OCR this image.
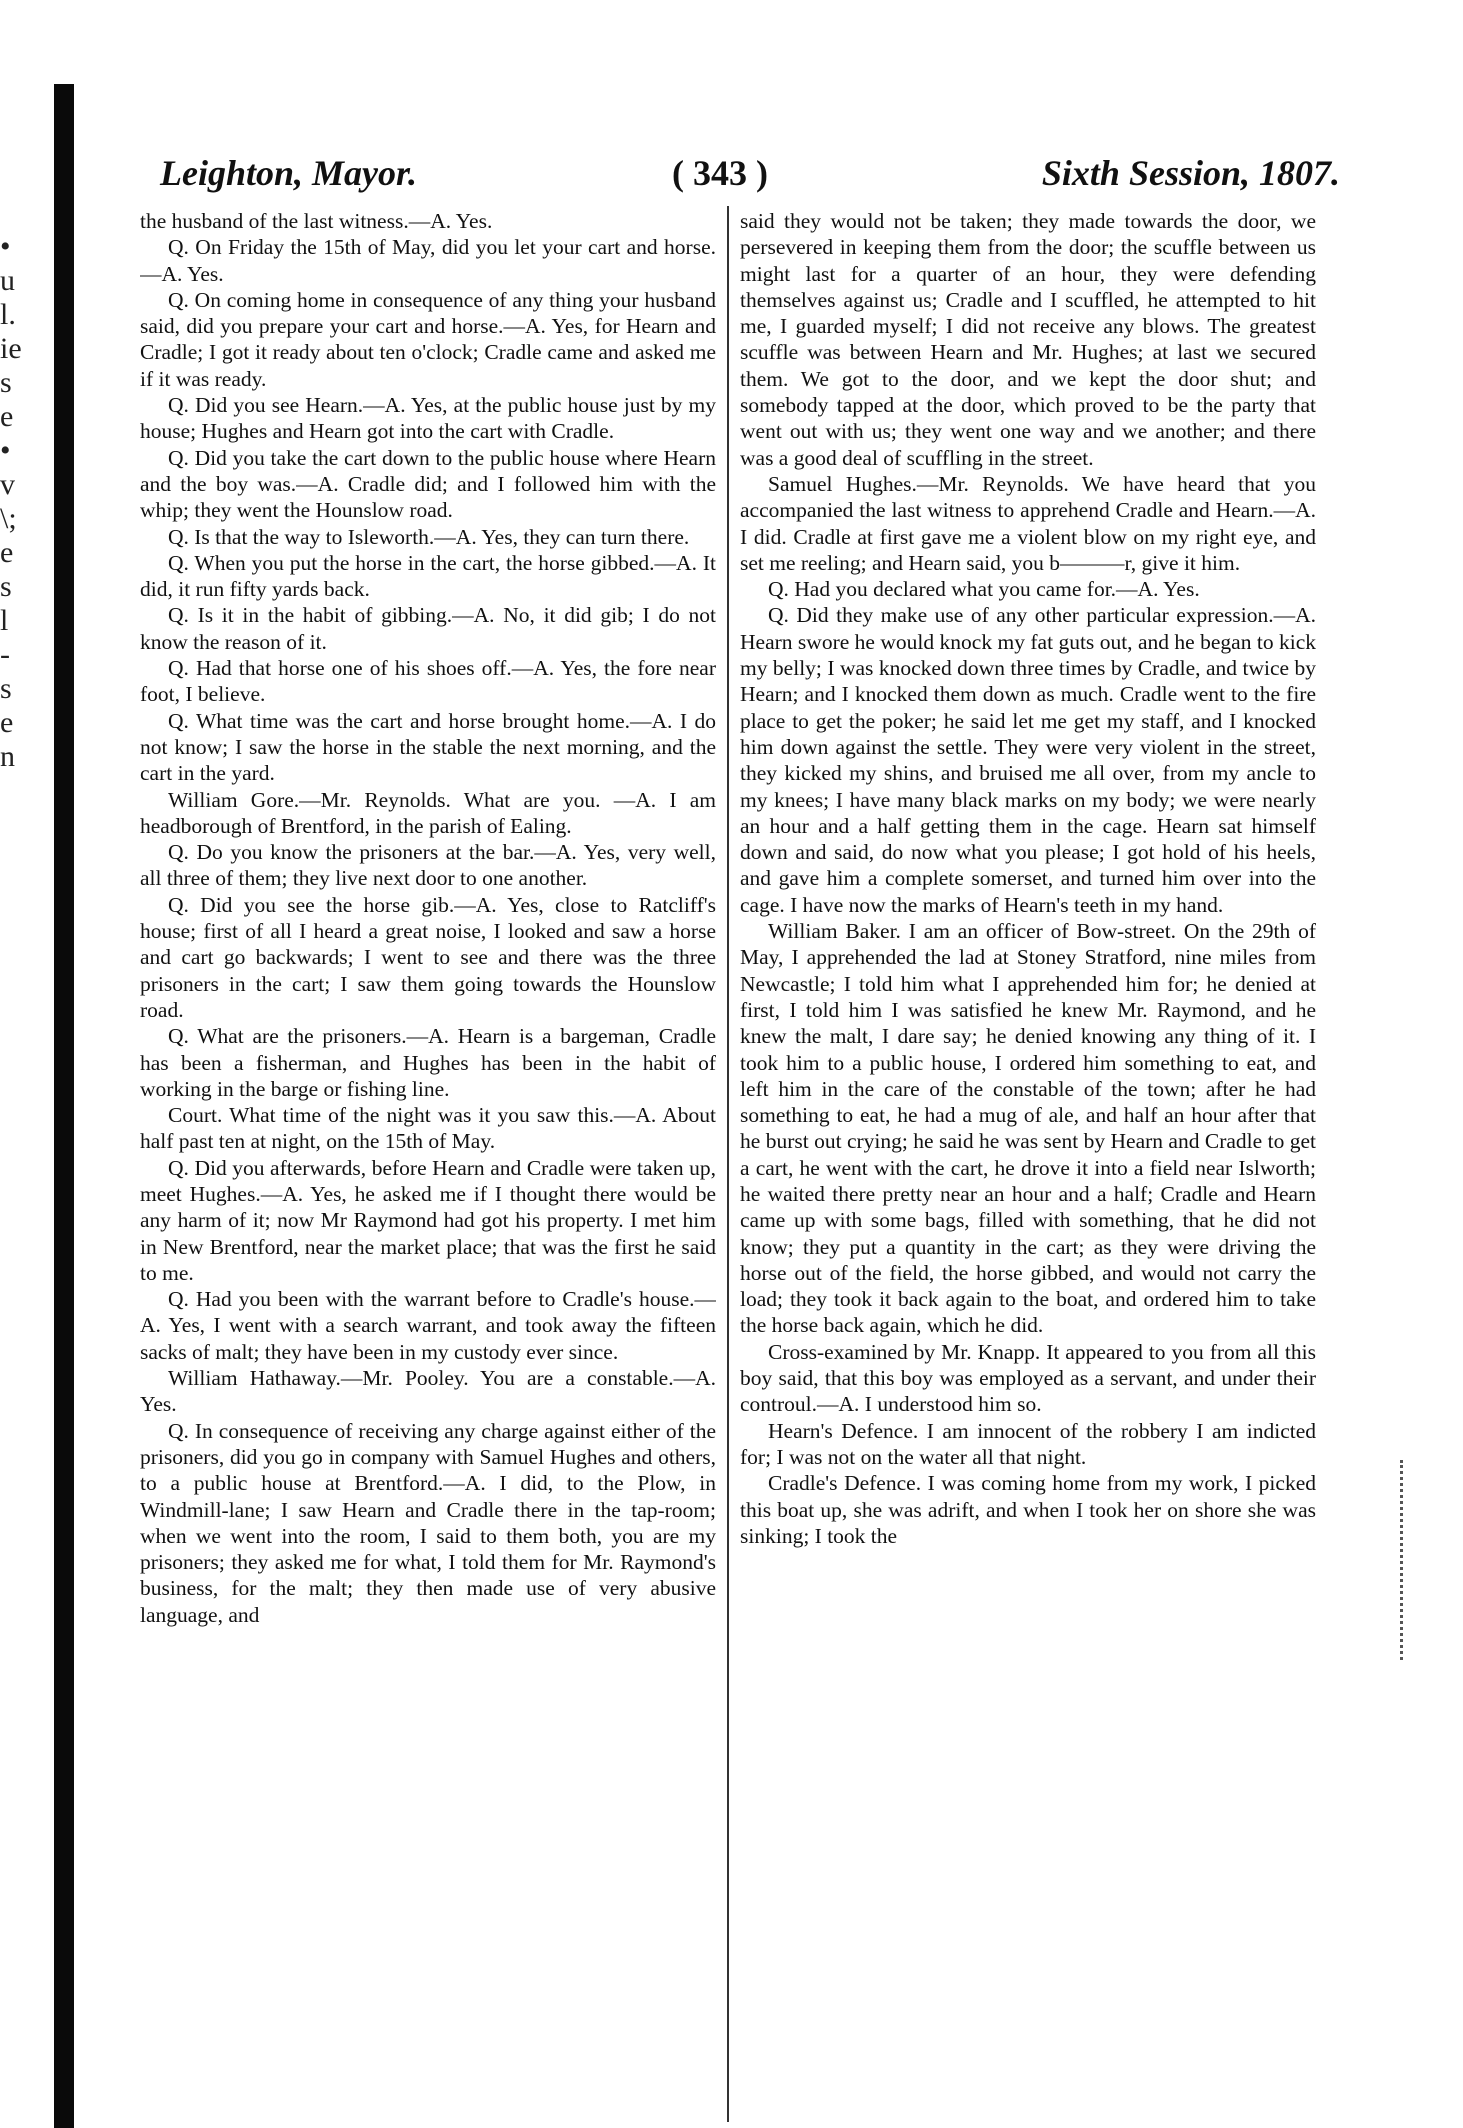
•
u
l.
ie
s
e
•
v
\;
e
s
l
-
s
e
n
Leighton, Mayor.	( 343 )	Sixth Session, 1807.

the husband of the last witness.—A. Yes.

Q. On Friday the 15th of May, did you let your cart and horse.—A. Yes.

Q. On coming home in consequence of any thing your husband said, did you prepare your cart and horse.—A. Yes, for Hearn and Cradle; I got it ready about ten o'clock; Cradle came and asked me if it was ready.

Q. Did you see Hearn.—A. Yes, at the public house just by my house; Hughes and Hearn got into the cart with Cradle.

Q. Did you take the cart down to the public house where Hearn and the boy was.—A. Cradle did; and I followed him with the whip; they went the Hounslow road.

Q. Is that the way to Isleworth.—A. Yes, they can turn there.

Q. When you put the horse in the cart, the horse gibbed.—A. It did, it run fifty yards back.

Q. Is it in the habit of gibbing.—A. No, it did gib; I do not know the reason of it.

Q. Had that horse one of his shoes off.—A. Yes, the fore near foot, I believe.

Q. What time was the cart and horse brought home.—A. I do not know; I saw the horse in the stable the next morning, and the cart in the yard.

William Gore.—Mr. Reynolds. What are you. —A. I am headborough of Brentford, in the parish of Ealing.

Q. Do you know the prisoners at the bar.—A. Yes, very well, all three of them; they live next door to one another.

Q. Did you see the horse gib.—A. Yes, close to Ratcliff's house; first of all I heard a great noise, I looked and saw a horse and cart go backwards; I went to see and there was the three prisoners in the cart; I saw them going towards the Hounslow road.

Q. What are the prisoners.—A. Hearn is a bargeman, Cradle has been a fisherman, and Hughes has been in the habit of working in the barge or fishing line.

Court. What time of the night was it you saw this.—A. About half past ten at night, on the 15th of May.

Q. Did you afterwards, before Hearn and Cradle were taken up, meet Hughes.—A. Yes, he asked me if I thought there would be any harm of it; now Mr Raymond had got his property. I met him in New Brentford, near the market place; that was the first he said to me.

Q. Had you been with the warrant before to Cradle's house.—A. Yes, I went with a search warrant, and took away the fifteen sacks of malt; they have been in my custody ever since.

William Hathaway.—Mr. Pooley. You are a constable.—A. Yes.

Q. In consequence of receiving any charge against either of the prisoners, did you go in company with Samuel Hughes and others, to a public house at Brentford.—A. I did, to the Plow, in Windmill-lane; I saw Hearn and Cradle there in the tap-room; when we went into the room, I said to them both, you are my prisoners; they asked me for what, I told them for Mr. Raymond's business, for the malt; they then made use of very abusive language, and

said they would not be taken; they made towards the door, we persevered in keeping them from the door; the scuffle between us might last for a quarter of an hour, they were defending themselves against us; Cradle and I scuffled, he attempted to hit me, I guarded myself; I did not receive any blows. The greatest scuffle was between Hearn and Mr. Hughes; at last we secured them. We got to the door, and we kept the door shut; and somebody tapped at the door, which proved to be the party that went out with us; they went one way and we another; and there was a good deal of scuffling in the street.

Samuel Hughes.—Mr. Reynolds. We have heard that you accompanied the last witness to apprehend Cradle and Hearn.—A. I did. Cradle at first gave me a violent blow on my right eye, and set me reeling; and Hearn said, you b———r, give it him.

Q. Had you declared what you came for.—A. Yes.

Q. Did they make use of any other particular expression.—A. Hearn swore he would knock my fat guts out, and he began to kick my belly; I was knocked down three times by Cradle, and twice by Hearn; and I knocked them down as much. Cradle went to the fire place to get the poker; he said let me get my staff, and I knocked him down against the settle. They were very violent in the street, they kicked my shins, and bruised me all over, from my ancle to my knees; I have many black marks on my body; we were nearly an hour and a half getting them in the cage. Hearn sat himself down and said, do now what you please; I got hold of his heels, and gave him a complete somerset, and turned him over into the cage. I have now the marks of Hearn's teeth in my hand.

William Baker. I am an officer of Bow-street. On the 29th of May, I apprehended the lad at Stoney Stratford, nine miles from Newcastle; I told him what I apprehended him for; he denied at first, I told him I was satisfied he knew Mr. Raymond, and he knew the malt, I dare say; he denied knowing any thing of it. I took him to a public house, I ordered him something to eat, and left him in the care of the constable of the town; after he had something to eat, he had a mug of ale, and half an hour after that he burst out crying; he said he was sent by Hearn and Cradle to get a cart, he went with the cart, he drove it into a field near Islworth; he waited there pretty near an hour and a half; Cradle and Hearn came up with some bags, filled with something, that he did not know; they put a quantity in the cart; as they were driving the horse out of the field, the horse gibbed, and would not carry the load; they took it back again to the boat, and ordered him to take the horse back again, which he did.

Cross-examined by Mr. Knapp. It appeared to you from all this boy said, that this boy was employed as a servant, and under their controul.—A. I understood him so.

Hearn's Defence. I am innocent of the robbery I am indicted for; I was not on the water all that night.

Cradle's Defence. I was coming home from my work, I picked this boat up, she was adrift, and when I took her on shore she was sinking; I took the
